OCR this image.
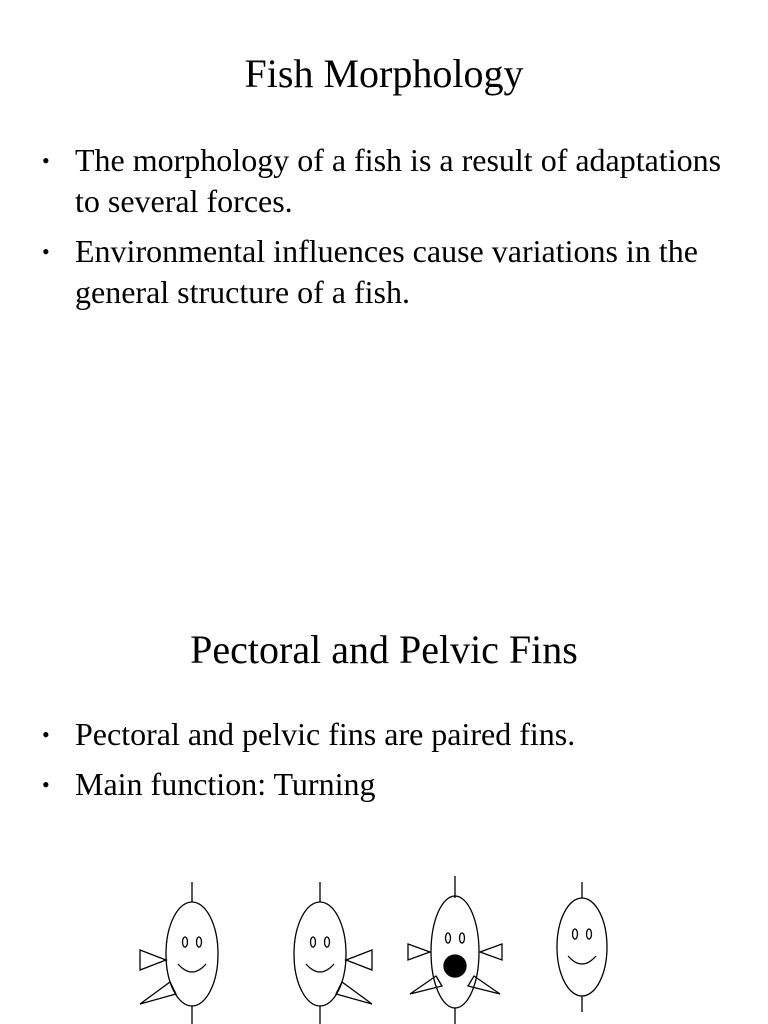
Fish Morphology
• The morphology of a fish is a result of adaptations to several forces.
• Environmental influences cause variations in the general structure of a fish.
Pectoral and Pelvic Fins
• Pectoral and pelvic fins are paired fins.
• Main function: Turning
